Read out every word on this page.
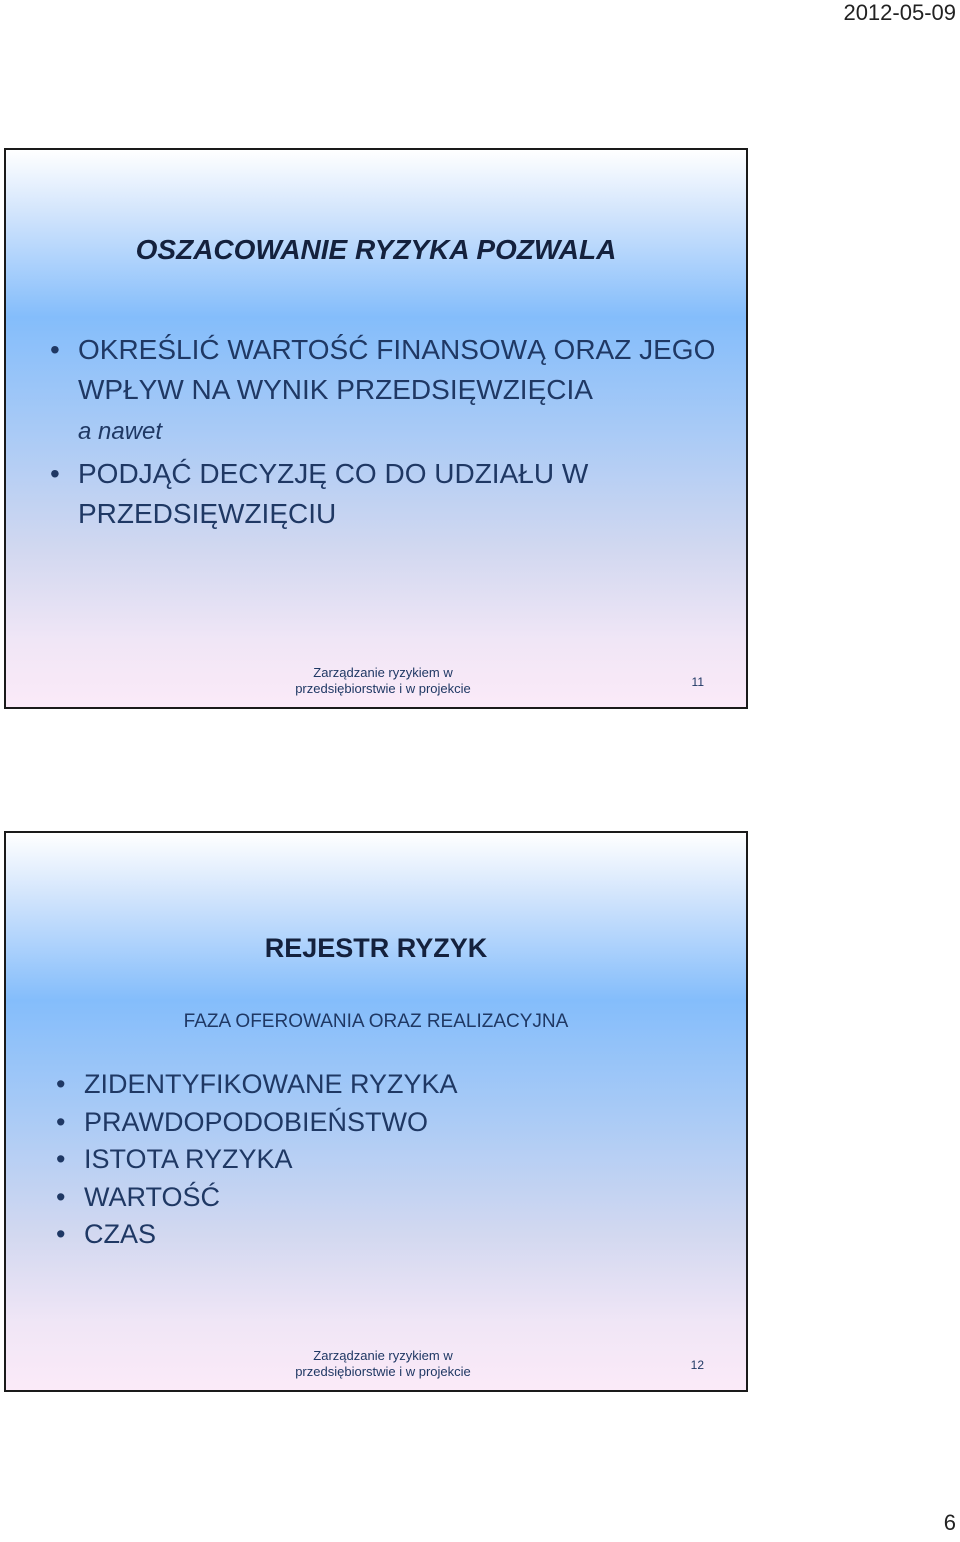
2012-05-09
OSZACOWANIE RYZYKA POZWALA
• OKREŚLIĆ WARTOŚĆ FINANSOWĄ ORAZ JEGO WPŁYW NA WYNIK PRZEDSIĘWZIĘCIA
a nawet
• PODJĄĆ DECYZJĘ CO DO UDZIAŁU W PRZEDSIĘWZIĘCIU
Zarządzanie ryzykiem w przedsiębiorstwie i w projekcie	11
REJESTR RYZYK
FAZA OFEROWANIA ORAZ REALIZACYJNA
• ZIDENTYFIKOWANE RYZYKA
• PRAWDOPODOBIEŃSTWO
• ISTOTA RYZYKA
• WARTOŚĆ
• CZAS
Zarządzanie ryzykiem w przedsiębiorstwie i w projekcie	12
6
